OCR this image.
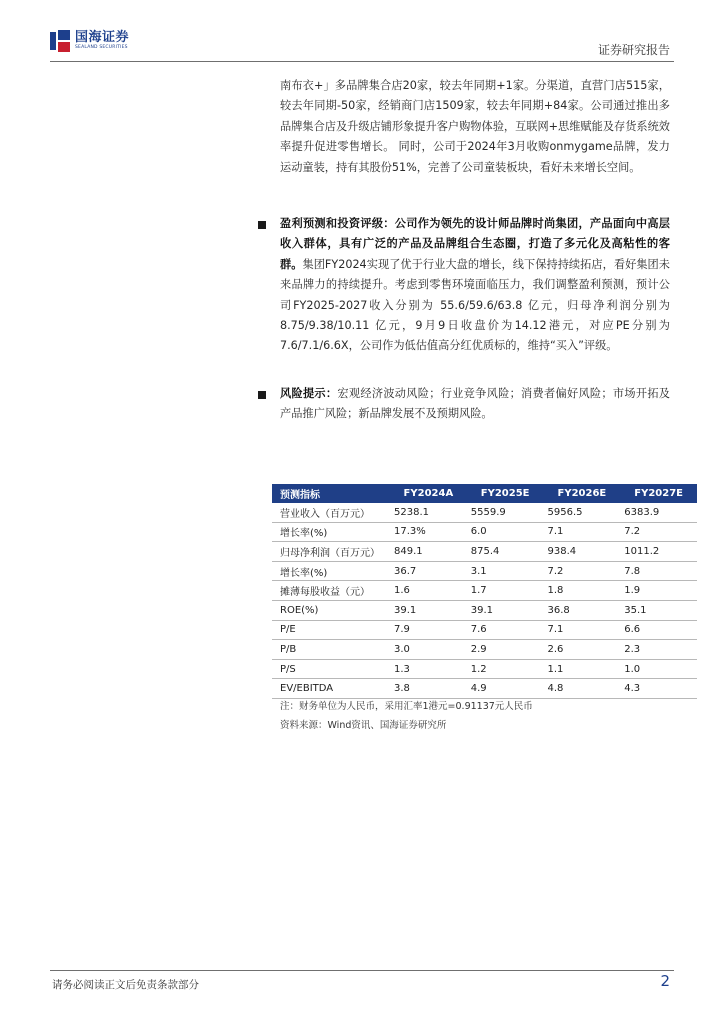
国海证券
SEALAND SECURITIES	证券研究报告

南布衣+」多品牌集合店20家，较去年同期+1家。分渠道，直营门店515家，较去年同期-50家，经销商门店1509家，较去年同期+84家。公司通过推出多品牌集合店及升级店铺形象提升客户购物体验，互联网+思维赋能及存货系统效率提升促进零售增长。 同时，公司于2024年3月收购onmygame品牌，发力运动童装，持有其股份51%，完善了公司童装板块，看好未来增长空间。

盈利预测和投资评级：公司作为领先的设计师品牌时尚集团，产品面向中高层收入群体，具有广泛的产品及品牌组合生态圈，打造了多元化及高粘性的客群。集团FY2024实现了优于行业大盘的增长，线下保持持续拓店，看好集团未来品牌力的持续提升。考虑到零售环境面临压力，我们调整盈利预测，预计公司FY2025-2027收入分别为 55.6/59.6/63.8 亿元，归母净利润分别为 8.75/9.38/10.11 亿元，9月9日收盘价为14.12港元，对应PE分别为7.6/7.1/6.6X，公司作为低估值高分红优质标的，维持“买入”评级。

风险提示：宏观经济波动风险；行业竞争风险；消费者偏好风险；市场开拓及产品推广风险；新品牌发展不及预期风险。

预测指标	FY2024A	FY2025E	FY2026E	FY2027E
营业收入（百万元）	5238.1	5559.9	5956.5	6383.9
增长率(%)	17.3%	6.0	7.1	7.2
归母净利润（百万元）	849.1	875.4	938.4	1011.2
增长率(%)	36.7	3.1	7.2	7.8
摊薄每股收益（元）	1.6	1.7	1.8	1.9
ROE(%)	39.1	39.1	36.8	35.1
P/E	7.9	7.6	7.1	6.6
P/B	3.0	2.9	2.6	2.3
P/S	1.3	1.2	1.1	1.0
EV/EBITDA	3.8	4.9	4.8	4.3
注：财务单位为人民币，采用汇率1港元=0.91137元人民币
资料来源：Wind资讯、国海证券研究所
请务必阅读正文后免责条款部分	2
